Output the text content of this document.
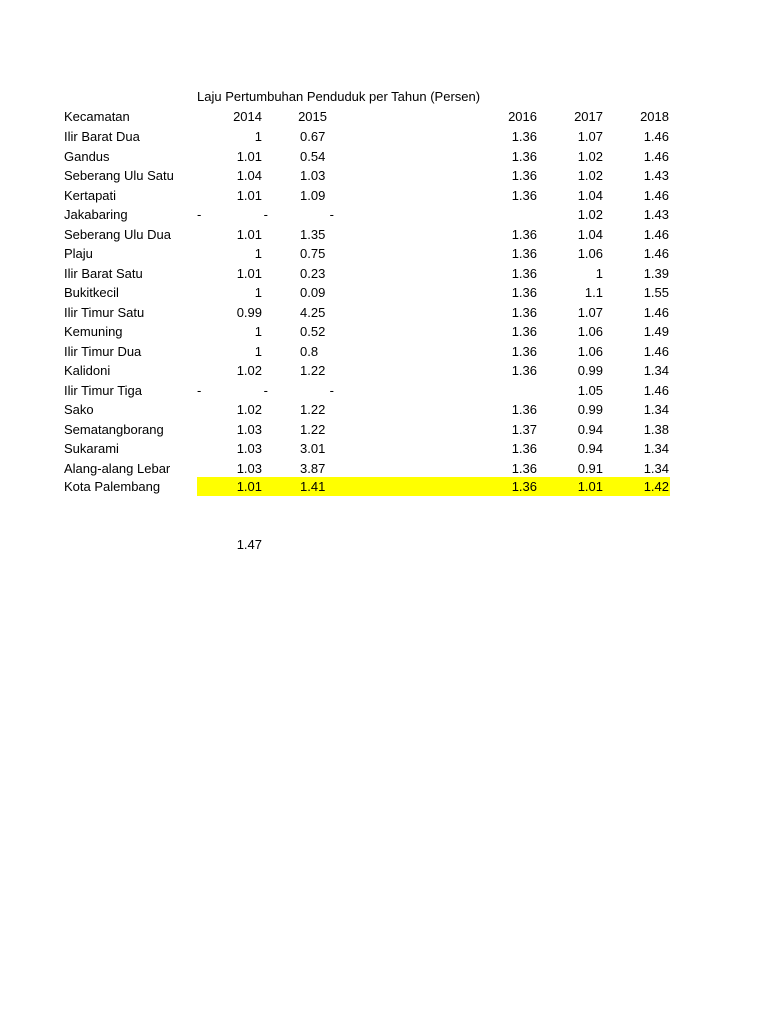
Laju Pertumbuhan Penduduk per Tahun (Persen)
Kecamatan	2014	2015	2016	2017	2018
Ilir Barat Dua	1	0.67	1.36	1.07	1.46
Gandus	1.01	0.54	1.36	1.02	1.46
Seberang Ulu Satu	1.04	1.03	1.36	1.02	1.43
Kertapati	1.01	1.09	1.36	1.04	1.46
Jakabaring	-	-	-	1.02	1.43
Seberang Ulu Dua	1.01	1.35	1.36	1.04	1.46
Plaju	1	0.75	1.36	1.06	1.46
Ilir Barat Satu	1.01	0.23	1.36	1	1.39
Bukitkecil	1	0.09	1.36	1.1	1.55
Ilir Timur Satu	0.99	4.25	1.36	1.07	1.46
Kemuning	1	0.52	1.36	1.06	1.49
Ilir Timur Dua	1	0.8	1.36	1.06	1.46
Kalidoni	1.02	1.22	1.36	0.99	1.34
Ilir Timur Tiga	-	-	-	1.05	1.46
Sako	1.02	1.22	1.36	0.99	1.34
Sematangborang	1.03	1.22	1.37	0.94	1.38
Sukarami	1.03	3.01	1.36	0.94	1.34
Alang-alang Lebar	1.03	3.87	1.36	0.91	1.34
Kota Palembang	1.01	1.41	1.36	1.01	1.42
1.47
